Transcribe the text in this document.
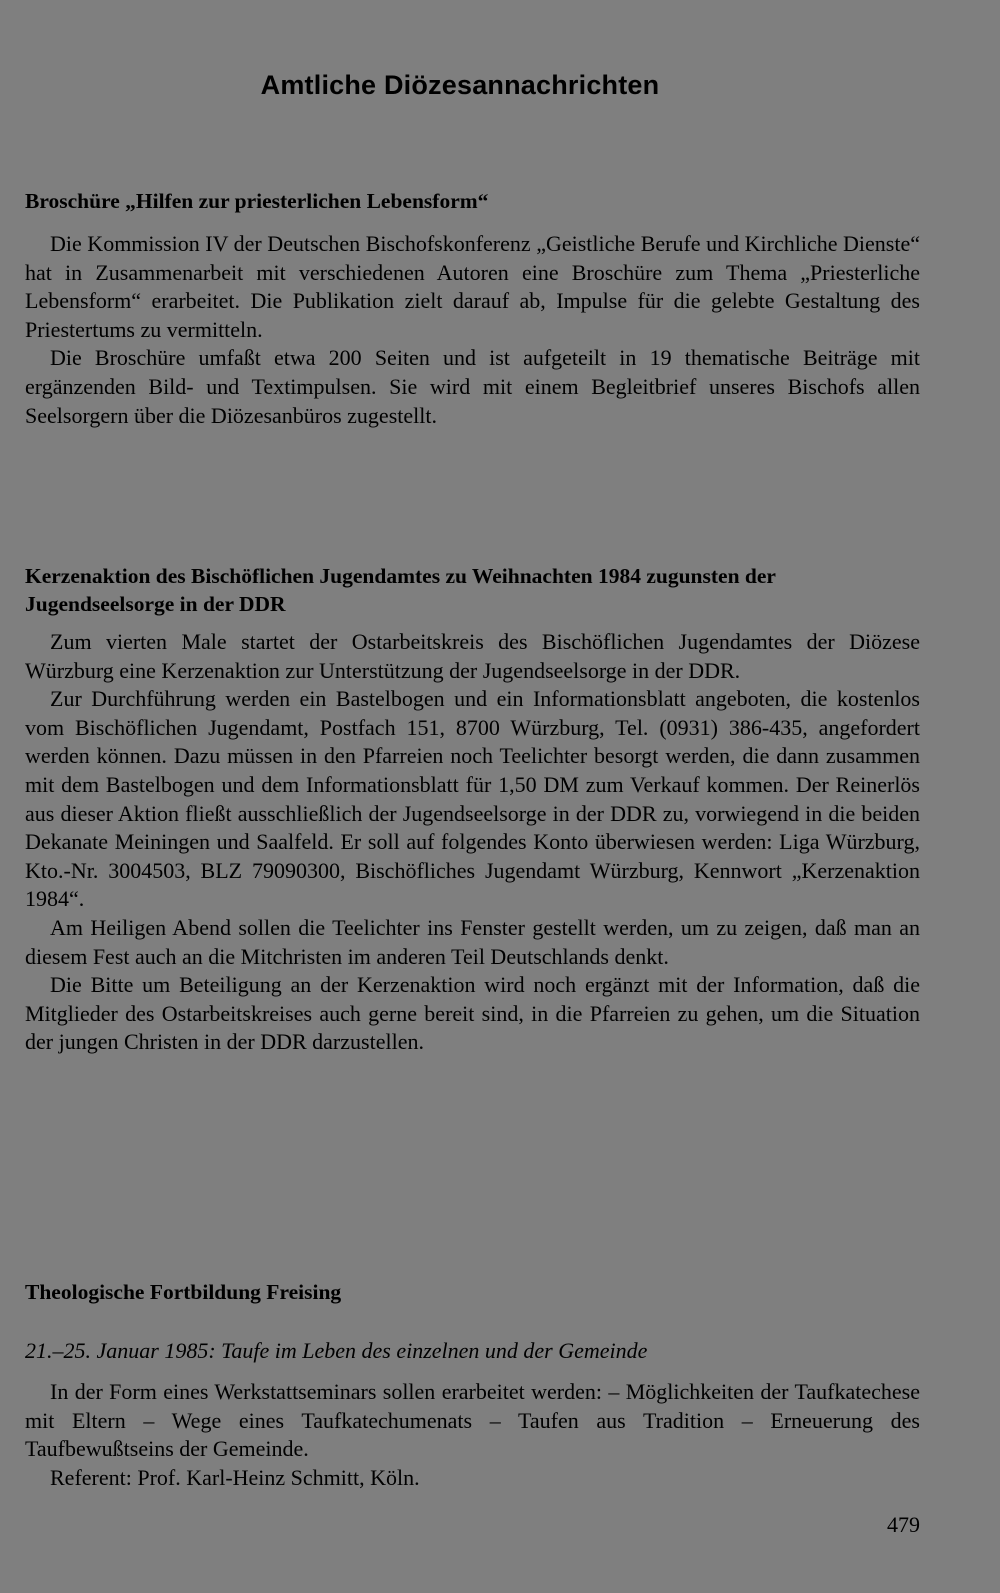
Amtliche Diözesannachrichten
Broschüre „Hilfen zur priesterlichen Lebensform“

Die Kommission IV der Deutschen Bischofskonferenz „Geistliche Berufe und Kirchliche Dienste“ hat in Zusammenarbeit mit verschiedenen Autoren eine Broschüre zum Thema „Priesterliche Lebensform“ erarbeitet. Die Publikation zielt darauf ab, Impulse für die gelebte Gestaltung des Priestertums zu vermitteln.

Die Broschüre umfaßt etwa 200 Seiten und ist aufgeteilt in 19 thematische Beiträge mit ergänzenden Bild- und Textimpulsen. Sie wird mit einem Begleitbrief unseres Bischofs allen Seelsorgern über die Diözesanbüros zugestellt.

Kerzenaktion des Bischöflichen Jugendamtes zu Weihnachten 1984 zugunsten der Jugendseelsorge in der DDR

Zum vierten Male startet der Ostarbeitskreis des Bischöflichen Jugendamtes der Diözese Würzburg eine Kerzenaktion zur Unterstützung der Jugendseelsorge in der DDR.

Zur Durchführung werden ein Bastelbogen und ein Informationsblatt angeboten, die kostenlos vom Bischöflichen Jugendamt, Postfach 151, 8700 Würzburg, Tel. (0931) 386-435, angefordert werden können. Dazu müssen in den Pfarreien noch Teelichter besorgt werden, die dann zusammen mit dem Bastelbogen und dem Informationsblatt für 1,50 DM zum Verkauf kommen. Der Reinerlös aus dieser Aktion fließt ausschließlich der Jugendseelsorge in der DDR zu, vorwiegend in die beiden Dekanate Meiningen und Saalfeld. Er soll auf folgendes Konto überwiesen werden: Liga Würzburg, Kto.-Nr. 3004503, BLZ 79090300, Bischöfliches Jugendamt Würzburg, Kennwort „Kerzenaktion 1984“.

Am Heiligen Abend sollen die Teelichter ins Fenster gestellt werden, um zu zeigen, daß man an diesem Fest auch an die Mitchristen im anderen Teil Deutschlands denkt.

Die Bitte um Beteiligung an der Kerzenaktion wird noch ergänzt mit der Information, daß die Mitglieder des Ostarbeitskreises auch gerne bereit sind, in die Pfarreien zu gehen, um die Situation der jungen Christen in der DDR darzustellen.

Theologische Fortbildung Freising
21.–25. Januar 1985: Taufe im Leben des einzelnen und der Gemeinde

In der Form eines Werkstattseminars sollen erarbeitet werden: – Möglichkeiten der Taufkatechese mit Eltern – Wege eines Taufkatechumenats – Taufen aus Tradition – Erneuerung des Taufbewußtseins der Gemeinde.

Referent: Prof. Karl-Heinz Schmitt, Köln.

479
